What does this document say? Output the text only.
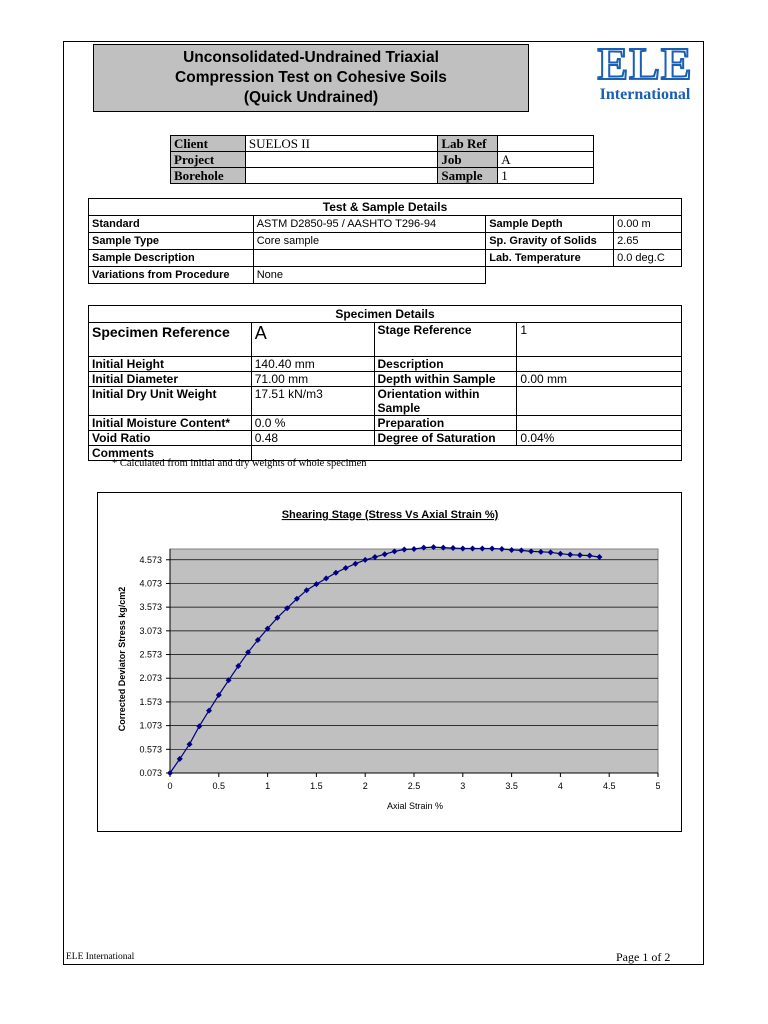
Unconsolidated-Undrained Triaxial
Compression Test on Cohesive Soils
(Quick Undrained)
ELE
International
Client	SUELOS II	Lab Ref	
Project		Job	A
Borehole		Sample	1
Test & Sample Details			
Standard	ASTM D2850-95 / AASHTO T296-94	Sample Depth	0.00 m
Sample Type	Core sample	Sp. Gravity of Solids	2.65
Sample Description		Lab. Temperature	0.0 deg.C
Variations from Procedure	None		
Specimen Details			
Specimen Reference	A	Stage Reference	1
Initial Height	140.40 mm	Description	
Initial Diameter	71.00 mm	Depth within Sample	0.00 mm
Initial Dry Unit Weight	17.51 kN/m3	Orientation within Sample	
Initial Moisture Content*	0.0 %	Preparation	
Void Ratio	0.48	Degree of Saturation	0.04%
Comments			
* Calculated from initial and dry weights of whole specimen
Shearing Stage (Stress Vs Axial Strain %)
Corrected Deviator Stress kg/cm2
Axial Strain %
0.073
0.573
1.073
1.573
2.073
2.573
3.073
3.573
4.073
4.573
0	0.5	1	1.5	2	2.5	3	3.5	4	4.5	5
ELE International	Page 1 of 2
